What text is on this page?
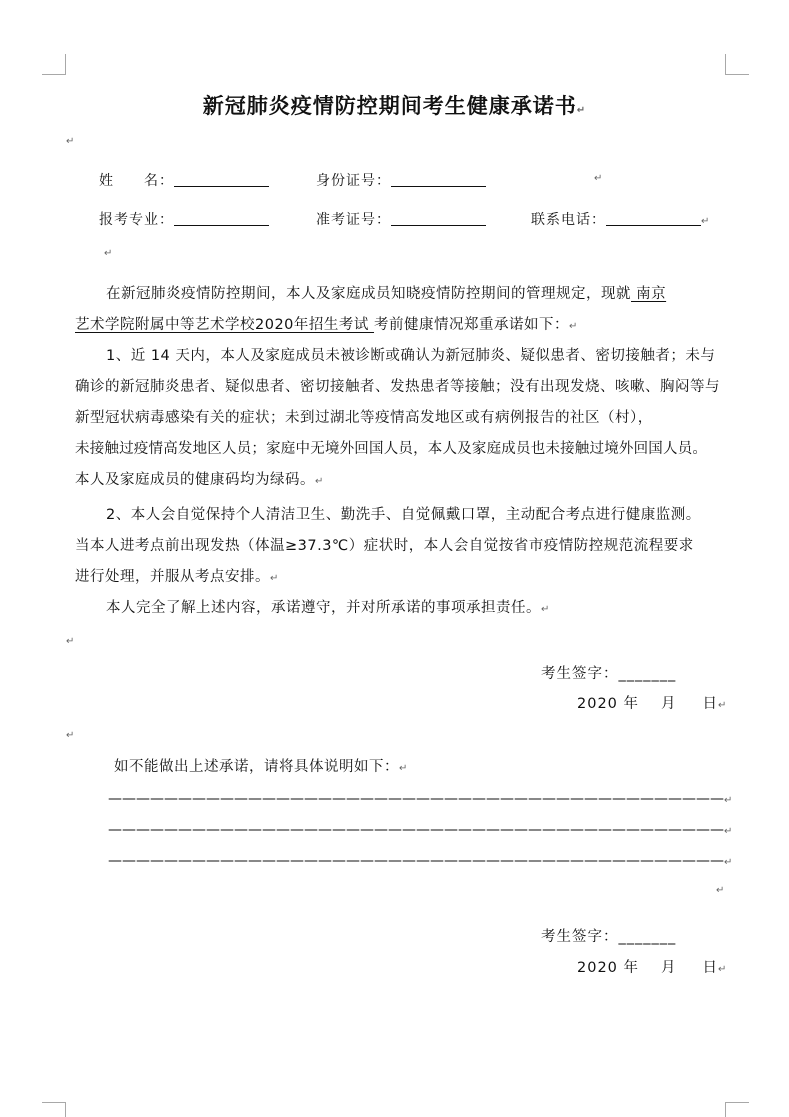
新冠肺炎疫情防控期间考生健康承诺书↵
↵
姓　　名：	身份证号：	↵
报考专业：	准考证号：	联系电话：	↵
↵
在新冠肺炎疫情防控期间，本人及家庭成员知晓疫情防控期间的管理规定，现就 南京
艺术学院附属中等艺术学校2020年招生考试 考前健康情况郑重承诺如下：↵
1、近 14 天内，本人及家庭成员未被诊断或确认为新冠肺炎、疑似患者、密切接触者；未与
确诊的新冠肺炎患者、疑似患者、密切接触者、发热患者等接触；没有出现发烧、咳嗽、胸闷等与
新型冠状病毒感染有关的症状；未到过湖北等疫情高发地区或有病例报告的社区（村），
未接触过疫情高发地区人员；家庭中无境外回国人员，本人及家庭成员也未接触过境外回国人员。
本人及家庭成员的健康码均为绿码。↵
2、本人会自觉保持个人清洁卫生、勤洗手、自觉佩戴口罩，主动配合考点进行健康监测。
当本人进考点前出现发热（体温≥37.3℃）症状时，本人会自觉按省市疫情防控规范流程要求
进行处理，并服从考点安排。↵
本人完全了解上述内容，承诺遵守，并对所承诺的事项承担责任。↵
↵
考生签字：_______
2020 年 月 日↵
↵
如不能做出上述承诺，请将具体说明如下：↵
————————————————————————————————————————————↵
————————————————————————————————————————————↵
————————————————————————————————————————————↵
↵
考生签字：_______
2020 年 月 日↵
